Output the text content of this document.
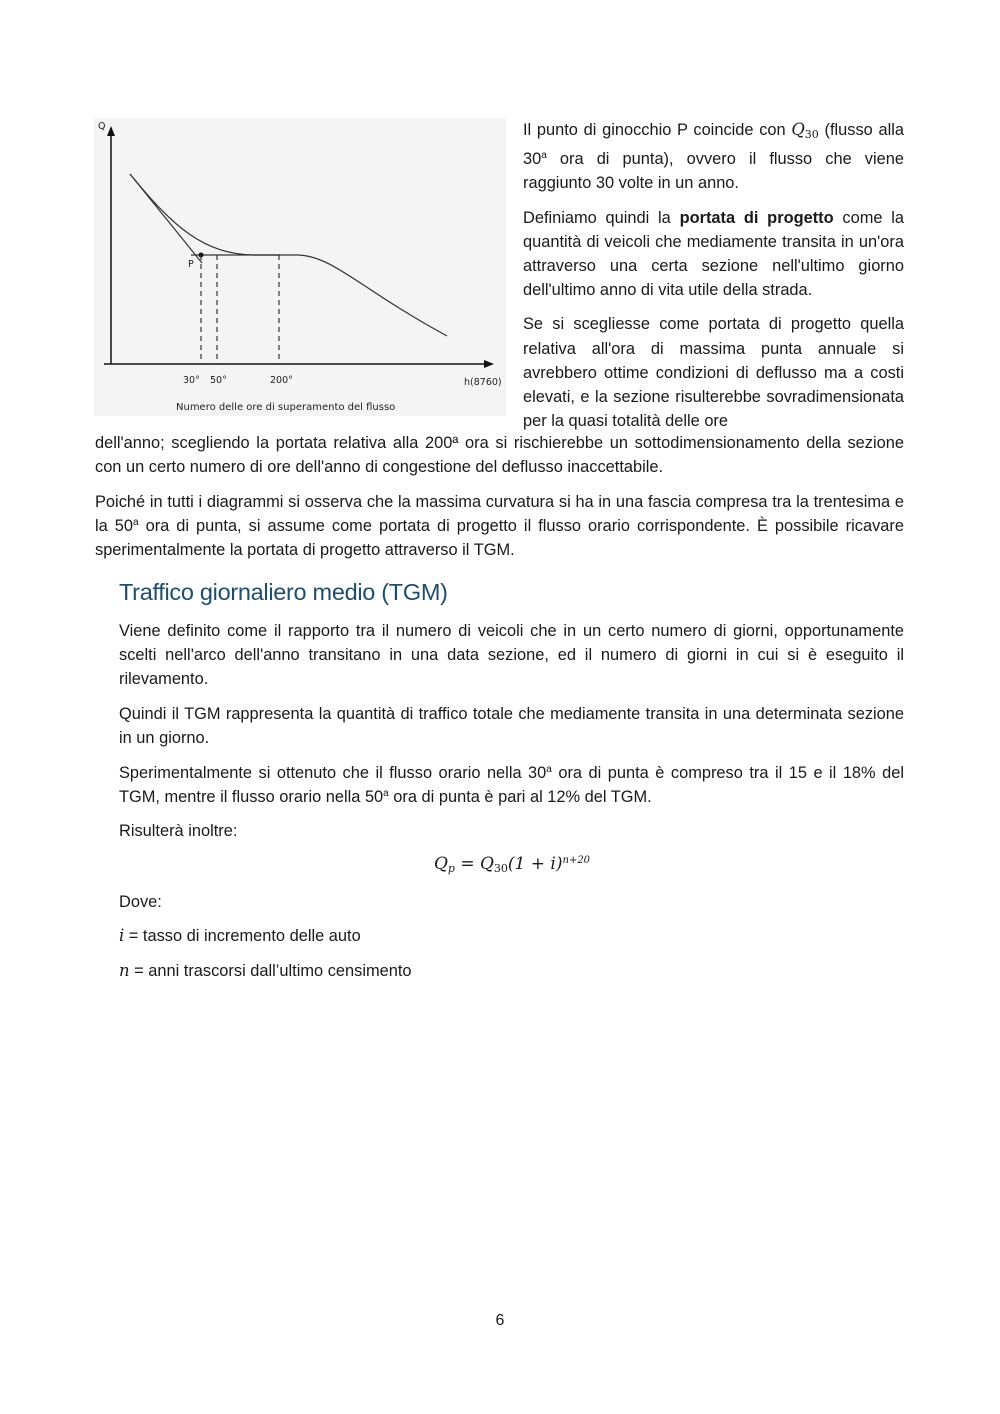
P
Q
30° 50°	200°	h(8760)
Numero delle ore di superamento del flusso

Il punto di ginocchio P coincide con $Q_{30}$ (flusso alla 30$^a$ ora di punta), ovvero il flusso che viene raggiunto 30 volte in un anno.

Definiamo quindi la portata di progetto come la quantità di veicoli che mediamente transita in un'ora attraverso una certa sezione nell'ultimo giorno dell'ultimo anno di vita utile della strada.

Se si scegliesse come portata di progetto quella relativa all'ora di massima punta annuale si avrebbero ottime condizioni di deflusso ma a costi elevati, e la sezione risulterebbe sovradimensionata per la quasi totalità delle ore

dell'anno; scegliendo la portata relativa alla 200ª ora si rischierebbe un sottodimensionamento della sezione con un certo numero di ore dell'anno di congestione del deflusso inaccettabile.

Poiché in tutti i diagrammi si osserva che la massima curvatura si ha in una fascia compresa tra la trentesima e la 50$^a$ ora di punta, si assume come portata di progetto il flusso orario corrispondente. È possibile ricavare sperimentalmente la portata di progetto attraverso il TGM.

Traffico giornaliero medio (TGM)

Viene definito come il rapporto tra il numero di veicoli che in un certo numero di giorni, opportunamente scelti nell'arco dell'anno transitano in una data sezione, ed il numero di giorni in cui si è eseguito il rilevamento.

Quindi il TGM rappresenta la quantità di traffico totale che mediamente transita in una determinata sezione in un giorno.

Sperimentalmente si ottenuto che il flusso orario nella 30$^a$ ora di punta è compreso tra il 15 e il 18% del TGM, mentre il flusso orario nella 50$^a$ ora di punta è pari al 12% del TGM.

Risulterà inoltre:
$Q_p = Q_{30}(1 + i)^{n+20}$
Dove:
i = tasso di incremento delle auto
n = anni trascorsi dall’ultimo censimento
6
